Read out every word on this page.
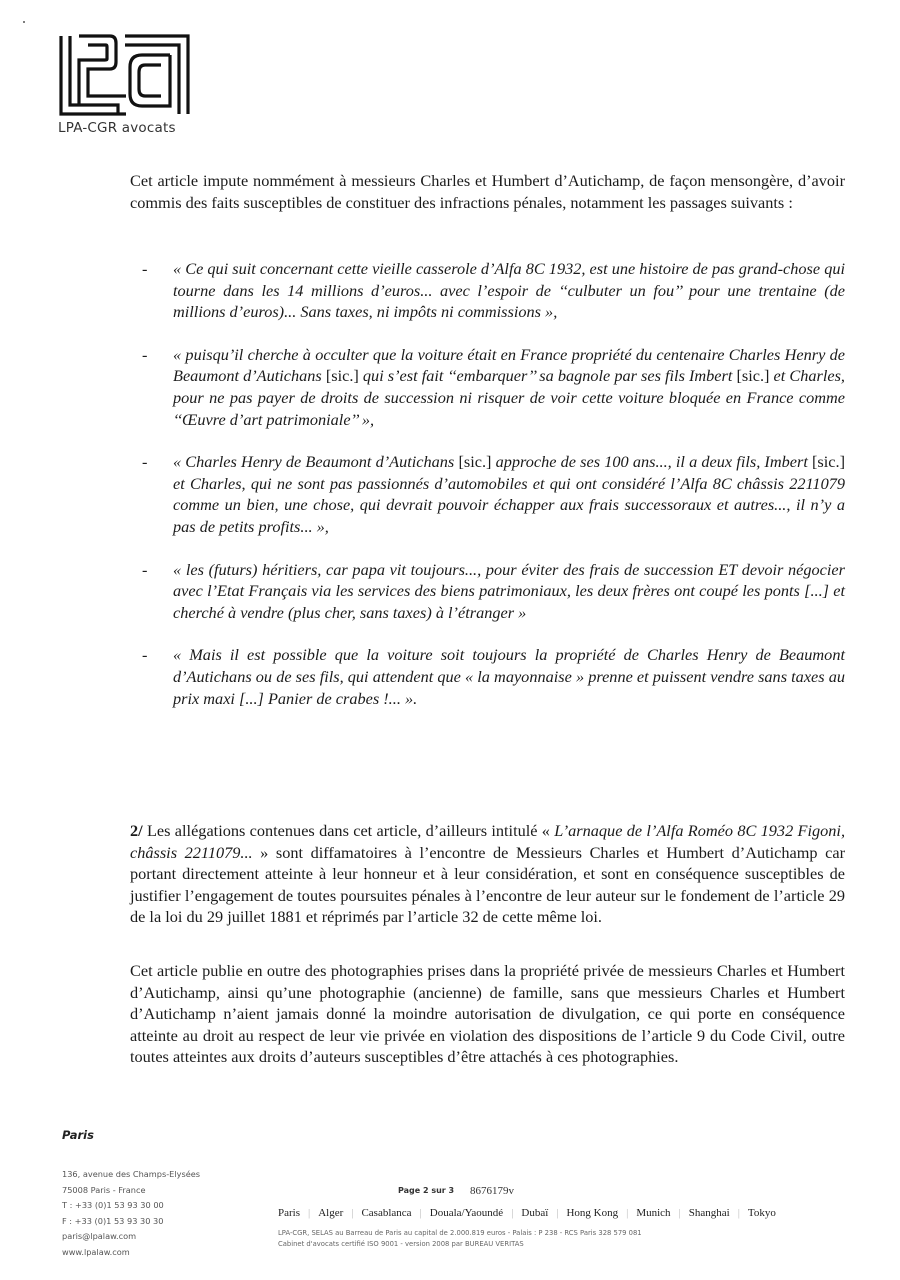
LPA-CGR avocats

Cet article impute nommément à messieurs Charles et Humbert d’Autichamp, de façon mensongère, d’avoir commis des faits susceptibles de constituer des infractions pénales, notamment les passages suivants :

- « Ce qui suit concernant cette vieille casserole d’Alfa 8C 1932, est une histoire de pas grand-chose qui tourne dans les 14 millions d’euros... avec l’espoir de ‘‘culbuter un fou’’ pour une trentaine (de millions d’euros)... Sans taxes, ni impôts ni commissions »,
- « puisqu’il cherche à occulter que la voiture était en France propriété du centenaire Charles Henry de Beaumont d’Autichans [sic.] qui s’est fait ‘‘embarquer’’ sa bagnole par ses fils Imbert [sic.] et Charles, pour ne pas payer de droits de succession ni risquer de voir cette voiture bloquée en France comme ‘‘Œuvre d’art patrimoniale’’ »,
- « Charles Henry de Beaumont d’Autichans [sic.] approche de ses 100 ans..., il a deux fils, Imbert [sic.] et Charles, qui ne sont pas passionnés d’automobiles et qui ont considéré l’Alfa 8C châssis 2211079 comme un bien, une chose, qui devrait pouvoir échapper aux frais successoraux et autres..., il n’y a pas de petits profits... »,
- « les (futurs) héritiers, car papa vit toujours..., pour éviter des frais de succession ET devoir négocier avec l’Etat Français via les services des biens patrimoniaux, les deux frères ont coupé les ponts [...] et cherché à vendre (plus cher, sans taxes) à l’étranger »
- « Mais il est possible que la voiture soit toujours la propriété de Charles Henry de Beaumont d’Autichans ou de ses fils, qui attendent que « la mayonnaise » prenne et puissent vendre sans taxes au prix maxi [...] Panier de crabes !... ».

2/ Les allégations contenues dans cet article, d’ailleurs intitulé « L’arnaque de l’Alfa Roméo 8C 1932 Figoni, châssis 2211079... » sont diffamatoires à l’encontre de Messieurs Charles et Humbert d’Autichamp car portant directement atteinte à leur honneur et à leur considération, et sont en conséquence susceptibles de justifier l’engagement de toutes poursuites pénales à l’encontre de leur auteur sur le fondement de l’article 29 de la loi du 29 juillet 1881 et réprimés par l’article 32 de cette même loi.

Cet article publie en outre des photographies prises dans la propriété privée de messieurs Charles et Humbert d’Autichamp, ainsi qu’une photographie (ancienne) de famille, sans que messieurs Charles et Humbert d’Autichamp n’aient jamais donné la moindre autorisation de divulgation, ce qui porte en conséquence atteinte au droit au respect de leur vie privée en violation des dispositions de l’article 9 du Code Civil, outre toutes atteintes aux droits d’auteurs susceptibles d’être attachés à ces photographies.

Paris
136, avenue des Champs-Elysées
75008 Paris - France
T : +33 (0)1 53 93 30 00
F : +33 (0)1 53 93 30 30
paris@lpalaw.com
www.lpalaw.com
Page 2 sur 3 8676179v
Paris | Alger | Casablanca | Douala/Yaoundé | Dubaï | Hong Kong | Munich | Shanghai | Tokyo
LPA-CGR, SELAS au Barreau de Paris au capital de 2.000.819 euros - Palais : P 238 - RCS Paris 328 579 081
Cabinet d'avocats certifié ISO 9001 - version 2008 par BUREAU VERITAS
